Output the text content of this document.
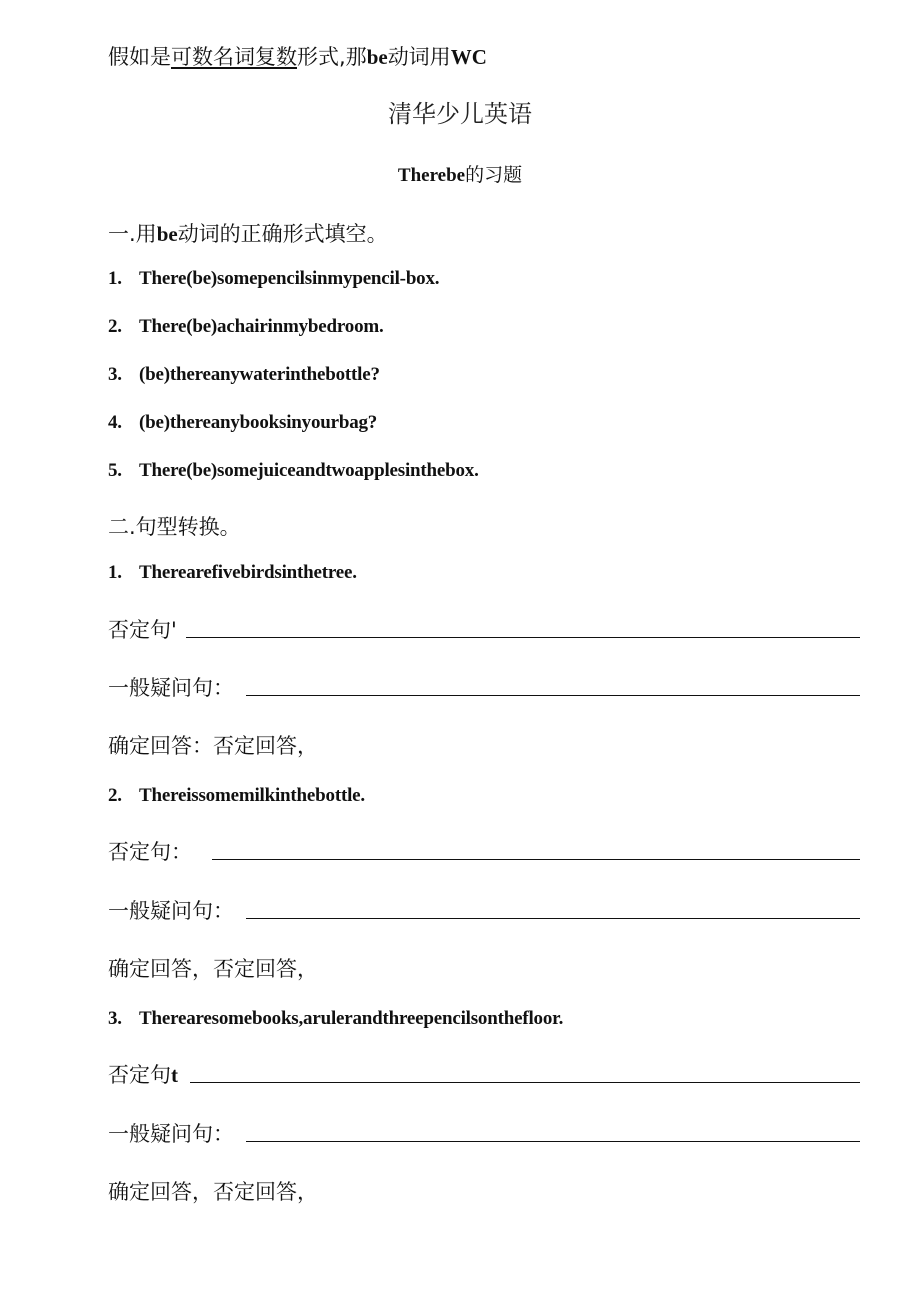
假如是可数名词复数形式,那be动词用WC
清华少儿英语
Therebe的习题
一.用be动词的正确形式填空。
1. There(be)somepencilsinmypencil-box.
2. There(be)achairinmybedroom.
3. (be)thereanywaterinthebottle?
4. (be)thereanybooksinyourbag?
5. There(be)somejuiceandtwoapplesinthebox.
二.句型转换。
1. Therearefivebirdsinthetree.
否定句'
一般疑问句：
确定回答：否定回答，
2. Thereissomemilkinthebottle.
否定句：
一般疑问句：
确定回答，否定回答，
3. Therearesomebooks,arulerandthreepencilsonthefloor.
否定句t
一般疑问句：
确定回答，否定回答，
